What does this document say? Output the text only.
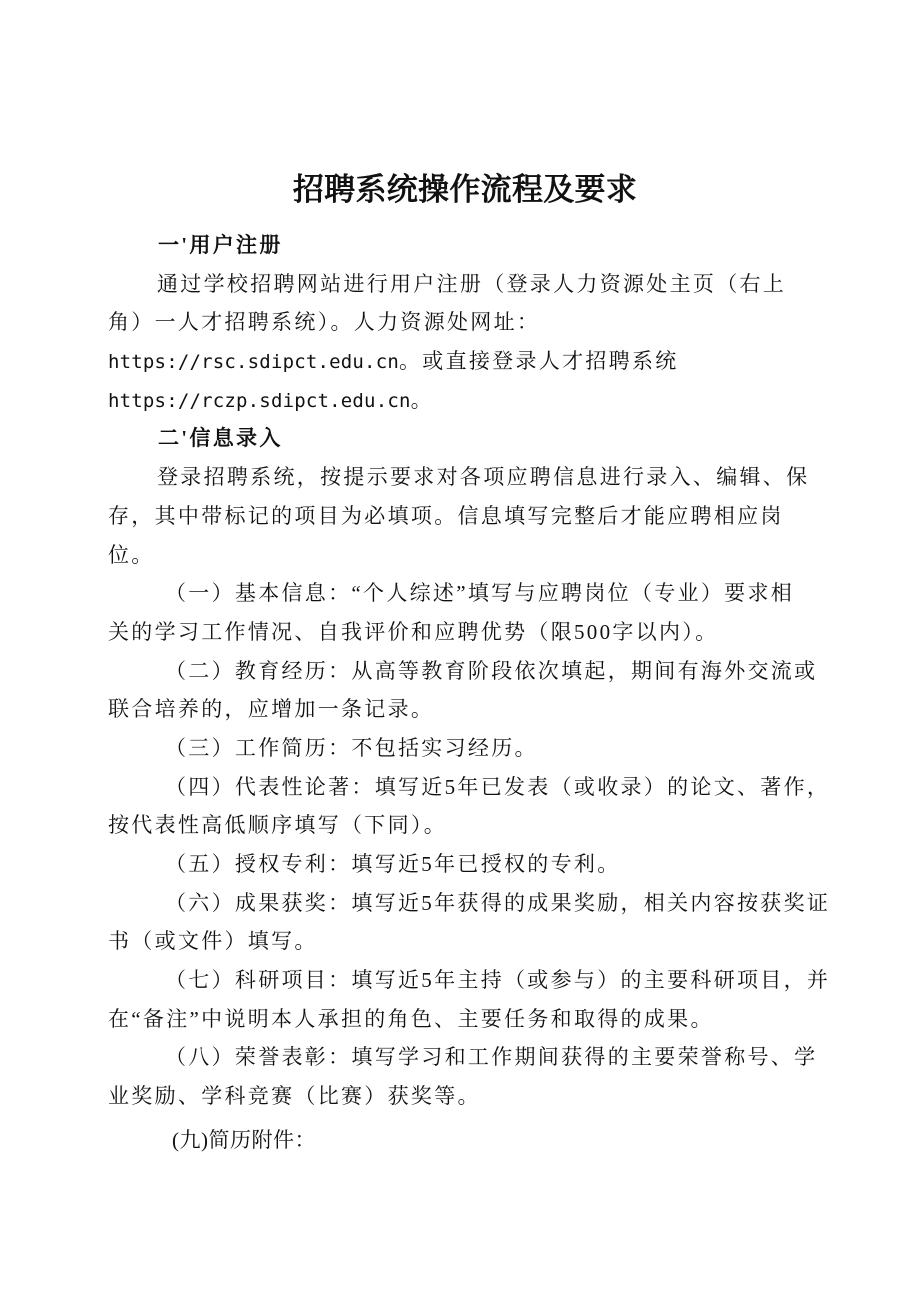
招聘系统操作流程及要求
一'用户注册
通过学校招聘网站进行用户注册（登录人力资源处主页（右上
角）一人才招聘系统）。人力资源处网址：
https://rsc.sdipct.edu.cn。或直接登录人才招聘系统
https://rczp.sdipct.edu.cn。
二'信息录入
登录招聘系统，按提示要求对各项应聘信息进行录入、编辑、保
存，其中带标记的项目为必填项。信息填写完整后才能应聘相应岗
位。
（一）基本信息：“个人综述”填写与应聘岗位（专业）要求相
关的学习工作情况、自我评价和应聘优势（限500字以内）。
（二）教育经历：从高等教育阶段依次填起，期间有海外交流或
联合培养的，应增加一条记录。
（三）工作简历：不包括实习经历。
（四）代表性论著：填写近5年已发表（或收录）的论文、著作，
按代表性高低顺序填写（下同）。
（五）授权专利：填写近5年已授权的专利。
（六）成果获奖：填写近5年获得的成果奖励，相关内容按获奖证
书（或文件）填写。
（七）科研项目：填写近5年主持（或参与）的主要科研项目，并
在“备注”中说明本人承担的角色、主要任务和取得的成果。
（八）荣誉表彰：填写学习和工作期间获得的主要荣誉称号、学
业奖励、学科竞赛（比赛）获奖等。
(九)简历附件：
